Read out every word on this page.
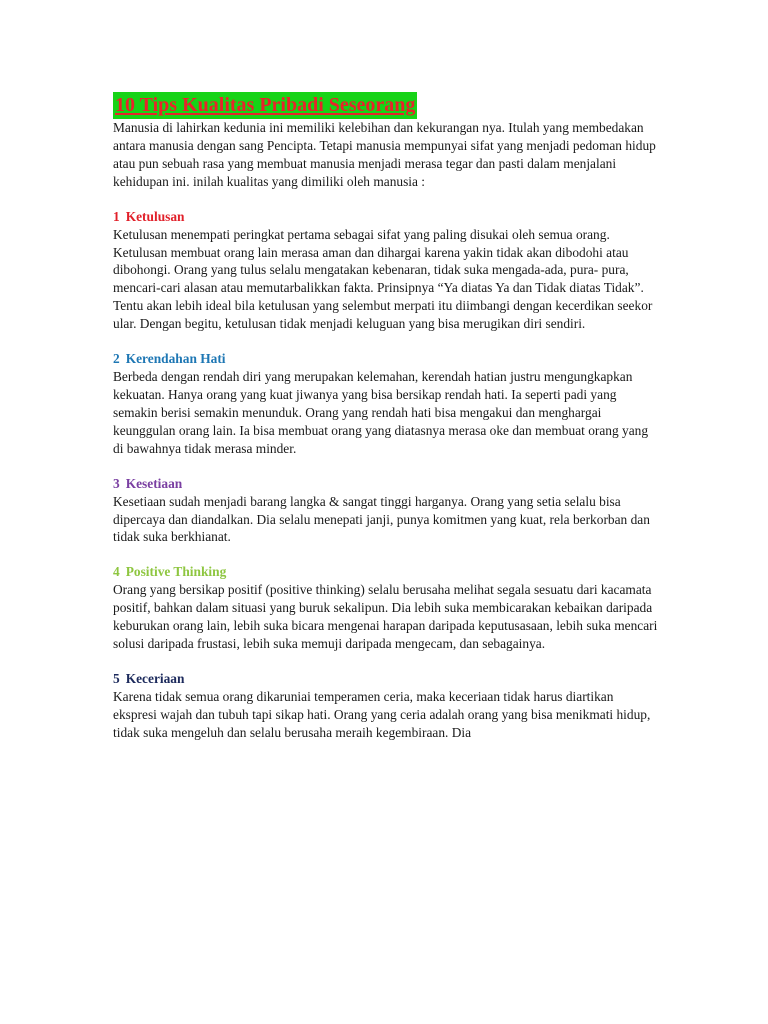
10 Tips Kualitas Pribadi Seseorang

Manusia di lahirkan kedunia ini memiliki kelebihan dan kekurangan nya. Itulah yang membedakan antara manusia dengan sang Pencipta. Tetapi manusia mempunyai sifat yang menjadi pedoman hidup atau pun sebuah rasa yang membuat manusia menjadi merasa tegar dan pasti dalam menjalani kehidupan ini. inilah kualitas yang dimiliki oleh manusia :

1 Ketulusan

Ketulusan menempati peringkat pertama sebagai sifat yang paling disukai oleh semua orang. Ketulusan membuat orang lain merasa aman dan dihargai karena yakin tidak akan dibodohi atau dibohongi. Orang yang tulus selalu mengatakan kebenaran, tidak suka mengada-ada, pura- pura, mencari-cari alasan atau memutarbalikkan fakta. Prinsipnya “Ya diatas Ya dan Tidak diatas Tidak”. Tentu akan lebih ideal bila ketulusan yang selembut merpati itu diimbangi dengan kecerdikan seekor ular. Dengan begitu, ketulusan tidak menjadi keluguan yang bisa merugikan diri sendiri.

2 Kerendahan Hati

Berbeda dengan rendah diri yang merupakan kelemahan, kerendah hatian justru mengungkapkan kekuatan. Hanya orang yang kuat jiwanya yang bisa bersikap rendah hati. Ia seperti padi yang semakin berisi semakin menunduk. Orang yang rendah hati bisa mengakui dan menghargai keunggulan orang lain. Ia bisa membuat orang yang diatasnya merasa oke dan membuat orang yang di bawahnya tidak merasa minder.

3 Kesetiaan

Kesetiaan sudah menjadi barang langka & sangat tinggi harganya. Orang yang setia selalu bisa dipercaya dan diandalkan. Dia selalu menepati janji, punya komitmen yang kuat, rela berkorban dan tidak suka berkhianat.

4 Positive Thinking

Orang yang bersikap positif (positive thinking) selalu berusaha melihat segala sesuatu dari kacamata positif, bahkan dalam situasi yang buruk sekalipun. Dia lebih suka membicarakan kebaikan daripada keburukan orang lain, lebih suka bicara mengenai harapan daripada keputusasaan, lebih suka mencari solusi daripada frustasi, lebih suka memuji daripada mengecam, dan sebagainya.

5 Keceriaan

Karena tidak semua orang dikaruniai temperamen ceria, maka keceriaan tidak harus diartikan ekspresi wajah dan tubuh tapi sikap hati. Orang yang ceria adalah orang yang bisa menikmati hidup, tidak suka mengeluh dan selalu berusaha meraih kegembiraan. Dia
